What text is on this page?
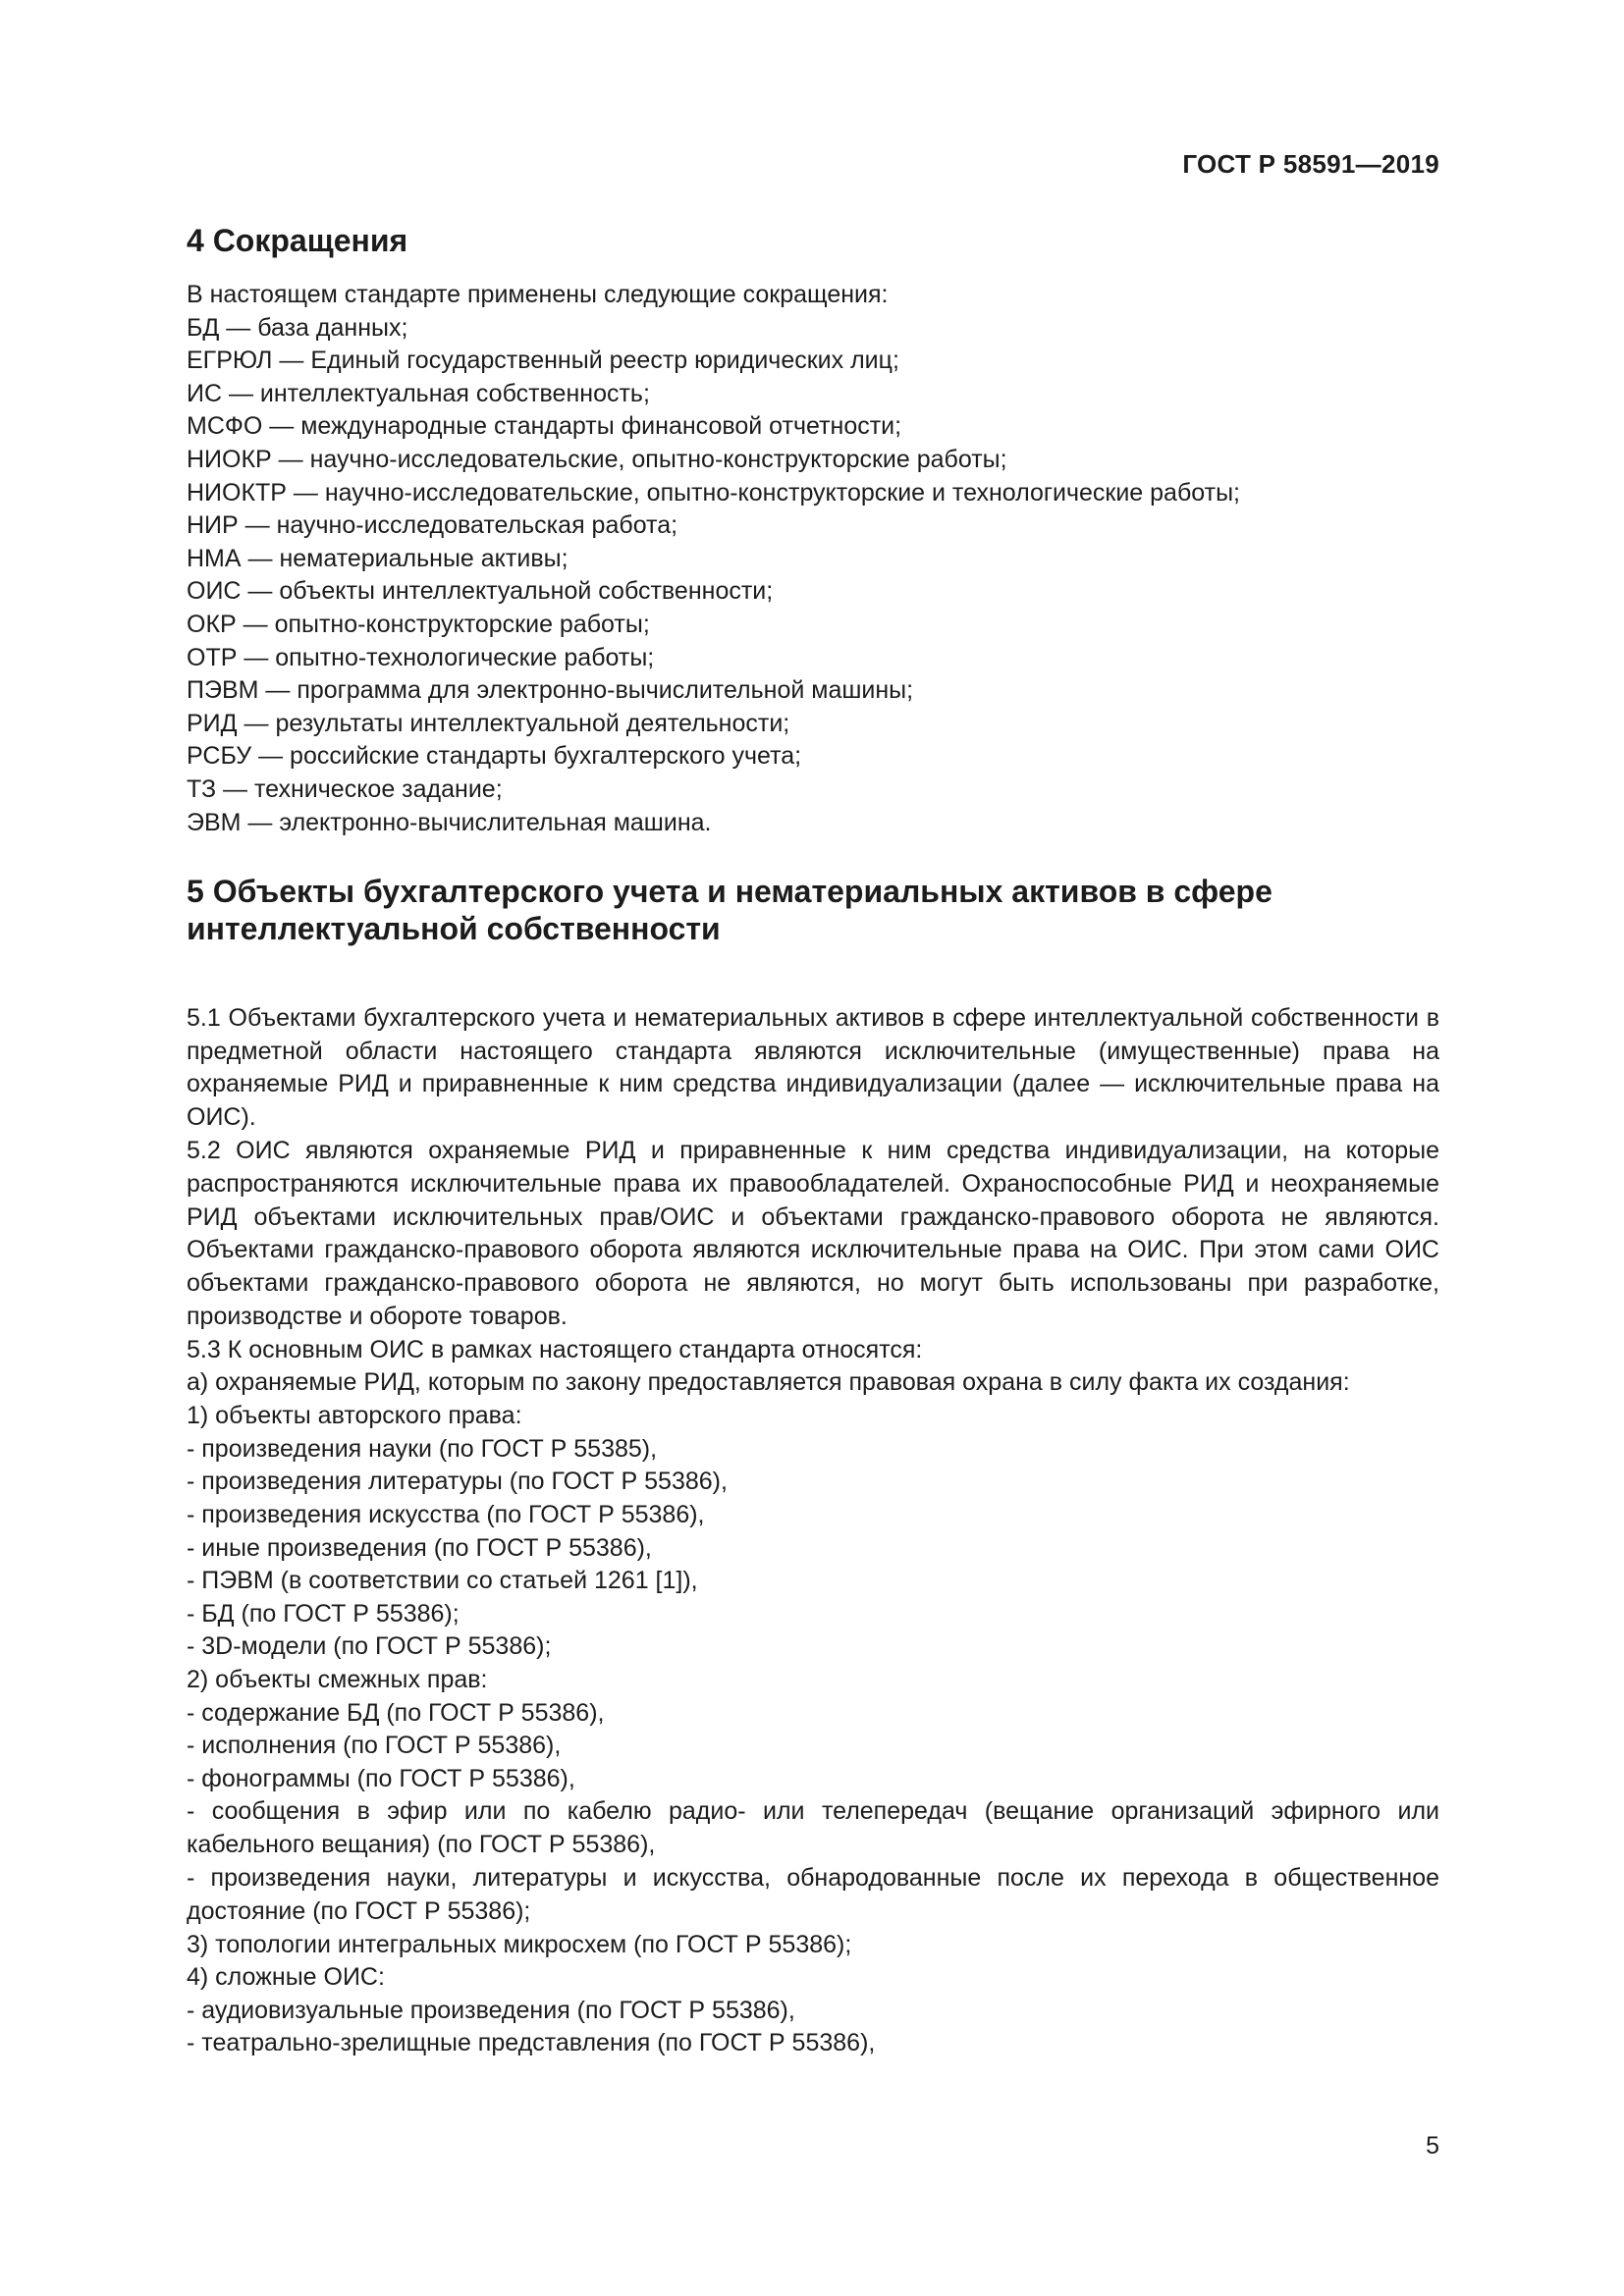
ГОСТ Р 58591—2019
4 Сокращения
В настоящем стандарте применены следующие сокращения:
БД — база данных;
ЕГРЮЛ — Единый государственный реестр юридических лиц;
ИС — интеллектуальная собственность;
МСФО — международные стандарты финансовой отчетности;
НИОКР — научно-исследовательские, опытно-конструкторские работы;
НИОКТР — научно-исследовательские, опытно-конструкторские и технологические работы;
НИР — научно-исследовательская работа;
НМА — нематериальные активы;
ОИС — объекты интеллектуальной собственности;
ОКР — опытно-конструкторские работы;
ОТР — опытно-технологические работы;
ПЭВМ — программа для электронно-вычислительной машины;
РИД — результаты интеллектуальной деятельности;
РСБУ — российские стандарты бухгалтерского учета;
ТЗ — техническое задание;
ЭВМ — электронно-вычислительная машина.
5 Объекты бухгалтерского учета и нематериальных активов в сфере
интеллектуальной собственности
5.1 Объектами бухгалтерского учета и нематериальных активов в сфере интеллектуальной собственности в предметной области настоящего стандарта являются исключительные (имущественные) права на охраняемые РИД и приравненные к ним средства индивидуализации (далее — исключительные права на ОИС).
5.2 ОИС являются охраняемые РИД и приравненные к ним средства индивидуализации, на которые распространяются исключительные права их правообладателей. Охраноспособные РИД и неохраняемые РИД объектами исключительных прав/ОИС и объектами гражданско-правового оборота не являются. Объектами гражданско-правового оборота являются исключительные права на ОИС. При этом сами ОИС объектами гражданско-правового оборота не являются, но могут быть использованы при разработке, производстве и обороте товаров.
5.3 К основным ОИС в рамках настоящего стандарта относятся:
а) охраняемые РИД, которым по закону предоставляется правовая охрана в силу факта их создания:
1) объекты авторского права:
- произведения науки (по ГОСТ Р 55385),
- произведения литературы (по ГОСТ Р 55386),
- произведения искусства (по ГОСТ Р 55386),
- иные произведения (по ГОСТ Р 55386),
- ПЭВМ (в соответствии со статьей 1261 [1]),
- БД (по ГОСТ Р 55386);
- 3D-модели (по ГОСТ Р 55386);
2) объекты смежных прав:
- содержание БД (по ГОСТ Р 55386),
- исполнения (по ГОСТ Р 55386),
- фонограммы (по ГОСТ Р 55386),
- сообщения в эфир или по кабелю радио- или телепередач (вещание организаций эфирного или кабельного вещания) (по ГОСТ Р 55386),
- произведения науки, литературы и искусства, обнародованные после их перехода в общественное достояние (по ГОСТ Р 55386);
3) топологии интегральных микросхем (по ГОСТ Р 55386);
4) сложные ОИС:
- аудиовизуальные произведения (по ГОСТ Р 55386),
- театрально-зрелищные представления (по ГОСТ Р 55386),
5
